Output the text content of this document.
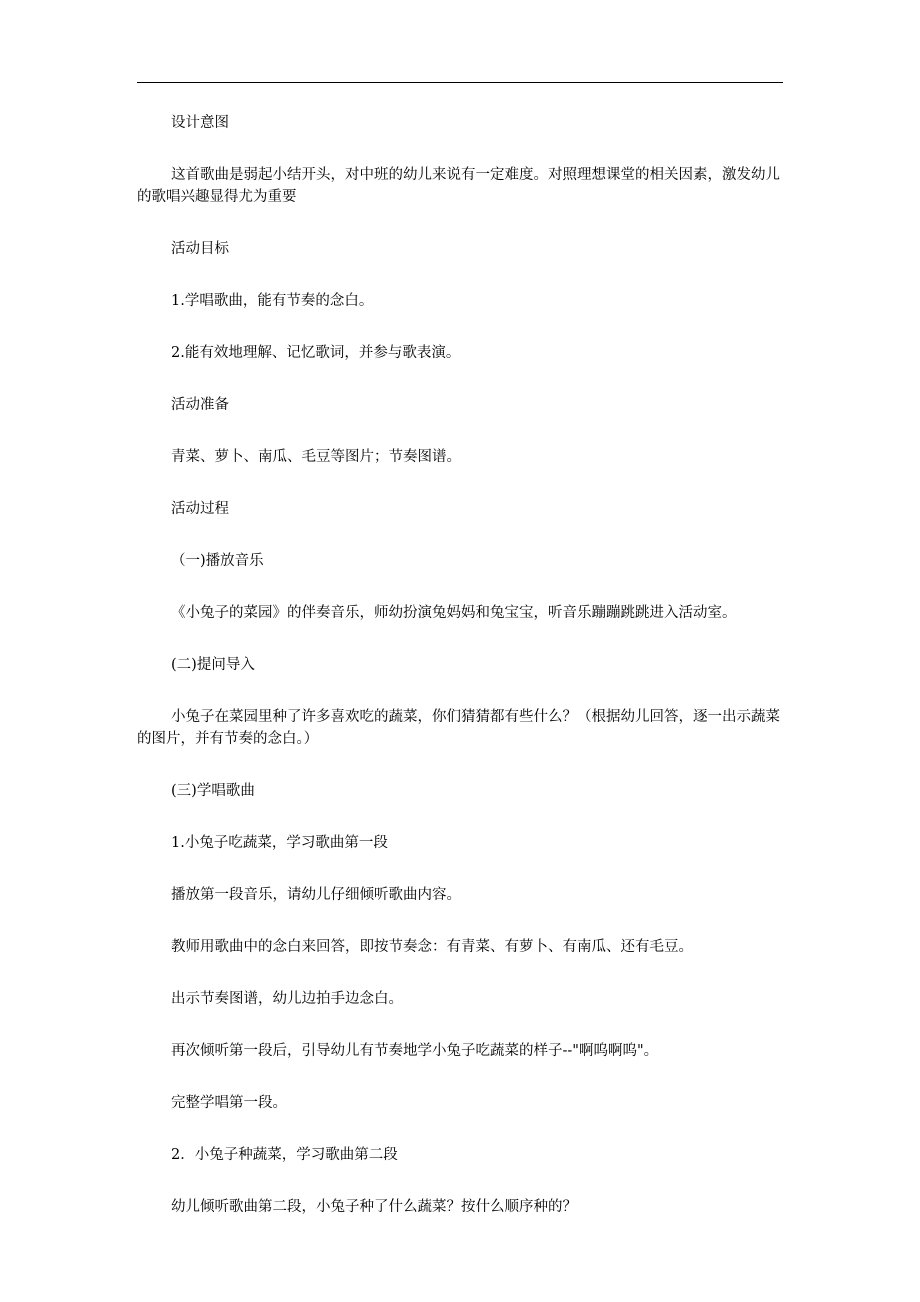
设计意图

这首歌曲是弱起小结开头，对中班的幼儿来说有一定难度。对照理想课堂的相关因素，激发幼儿的歌唱兴趣显得尤为重要

活动目标

1.学唱歌曲，能有节奏的念白。

2.能有效地理解、记忆歌词，并参与歌表演。

活动准备

青菜、萝卜、南瓜、毛豆等图片；节奏图谱。

活动过程

（一)播放音乐

《小兔子的菜园》的伴奏音乐，师幼扮演兔妈妈和兔宝宝，听音乐蹦蹦跳跳进入活动室。

(二)提问导入

小兔子在菜园里种了许多喜欢吃的蔬菜，你们猜猜都有些什么？（根据幼儿回答，逐一出示蔬菜的图片，并有节奏的念白。）

(三)学唱歌曲

1.小兔子吃蔬菜，学习歌曲第一段

播放第一段音乐，请幼儿仔细倾听歌曲内容。

教师用歌曲中的念白来回答，即按节奏念：有青菜、有萝卜、有南瓜、还有毛豆。

出示节奏图谱，幼儿边拍手边念白。

再次倾听第一段后，引导幼儿有节奏地学小兔子吃蔬菜的样子--"啊呜啊呜"。

完整学唱第一段。

2．小兔子种蔬菜，学习歌曲第二段

幼儿倾听歌曲第二段，小兔子种了什么蔬菜？按什么顺序种的？
